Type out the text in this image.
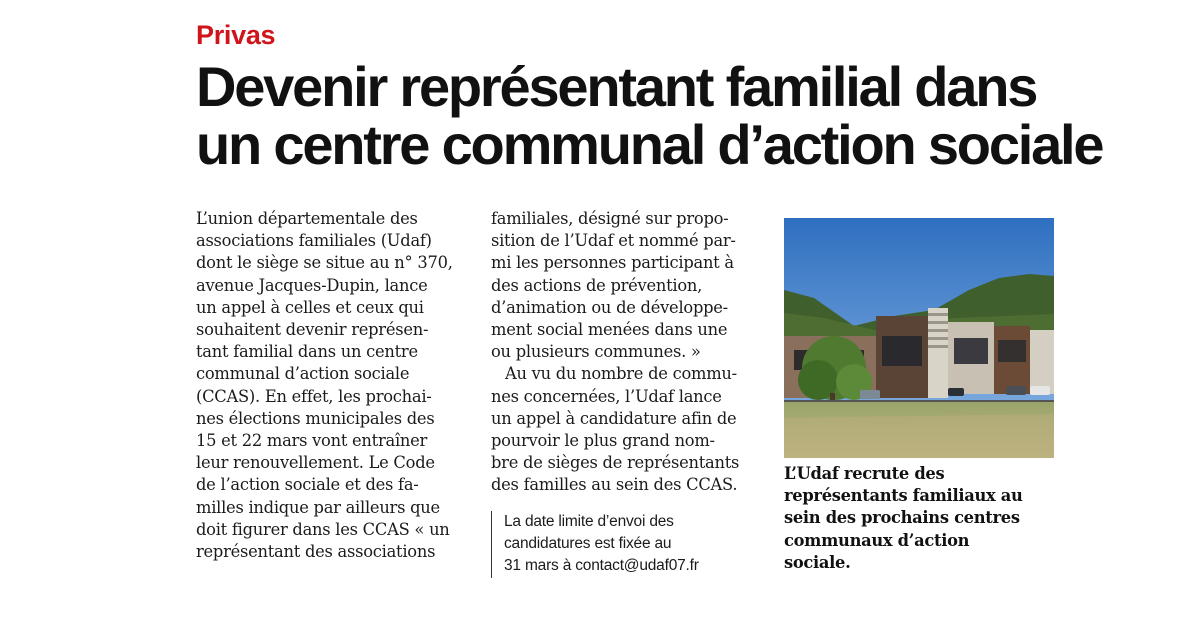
Privas
Devenir représentant familial dans
un centre communal d’action sociale
L’union départementale des
associations familiales (Udaf)
dont le siège se situe au n° 370,
avenue Jacques-Dupin, lance
un appel à celles et ceux qui
souhaitent devenir représen-
tant familial dans un centre
communal d’action sociale
(CCAS). En effet, les prochai-
nes élections municipales des
15 et 22 mars vont entraîner
leur renouvellement. Le Code
de l’action sociale et des fa-
milles indique par ailleurs que
doit figurer dans les CCAS « un
représentant des associations
familiales, désigné sur propo-
sition de l’Udaf et nommé par-
mi les personnes participant à
des actions de prévention,
d’animation ou de développe-
ment social menées dans une
ou plusieurs communes. »
Au vu du nombre de commu-
nes concernées, l’Udaf lance
un appel à candidature afin de
pourvoir le plus grand nom-
bre de sièges de représentants
des familles au sein des CCAS.
La date limite d’envoi des
candidatures est fixée au
31 mars à contact@udaf07.fr
L’Udaf recrute des
représentants familiaux au
sein des prochains centres
communaux d’action
sociale.
